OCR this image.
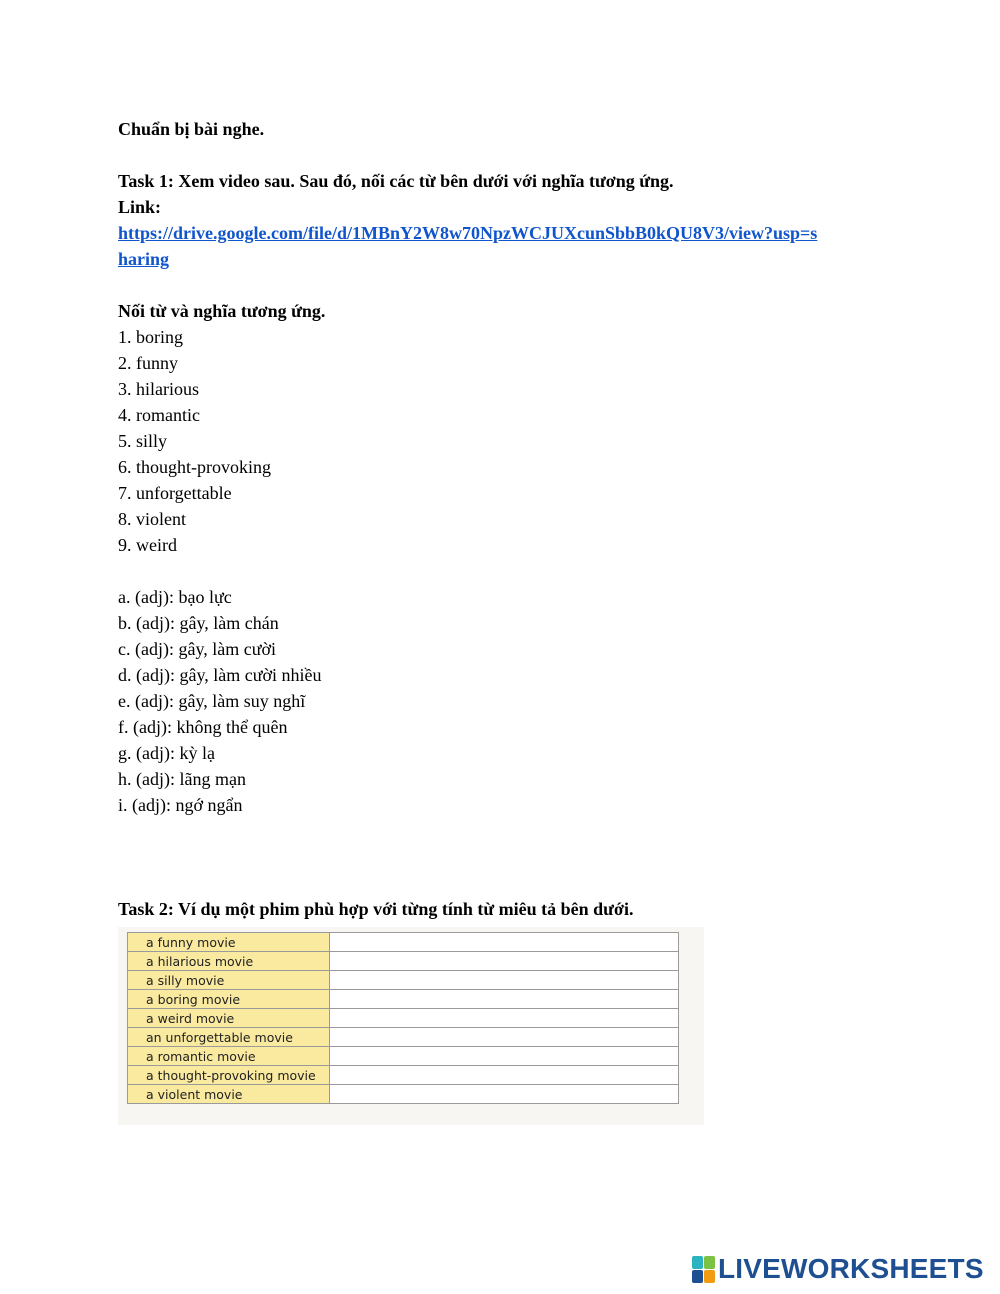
Chuẩn bị bài nghe.
Task 1: Xem video sau. Sau đó, nối các từ bên dưới với nghĩa tương ứng.
Link:
https://drive.google.com/file/d/1MBnY2W8w70NpzWCJUXcunSbbB0kQU8V3/view?usp=s
haring
Nối từ và nghĩa tương ứng.
1. boring
2. funny
3. hilarious
4. romantic
5. silly
6. thought-provoking
7. unforgettable
8. violent
9. weird
a. (adj): bạo lực
b. (adj): gây, làm chán
c. (adj): gây, làm cười
d. (adj): gây, làm cười nhiều
e. (adj): gây, làm suy nghĩ
f. (adj): không thể quên
g. (adj): kỳ lạ
h. (adj): lãng mạn
i. (adj): ngớ ngẩn
Task 2: Ví dụ một phim phù hợp với từng tính từ miêu tả bên dưới.
a funny movie	
a hilarious movie	
a silly movie	
a boring movie	
a weird movie	
an unforgettable movie	
a romantic movie	
a thought-provoking movie	
a violent movie	
LIVEWORKSHEETS
